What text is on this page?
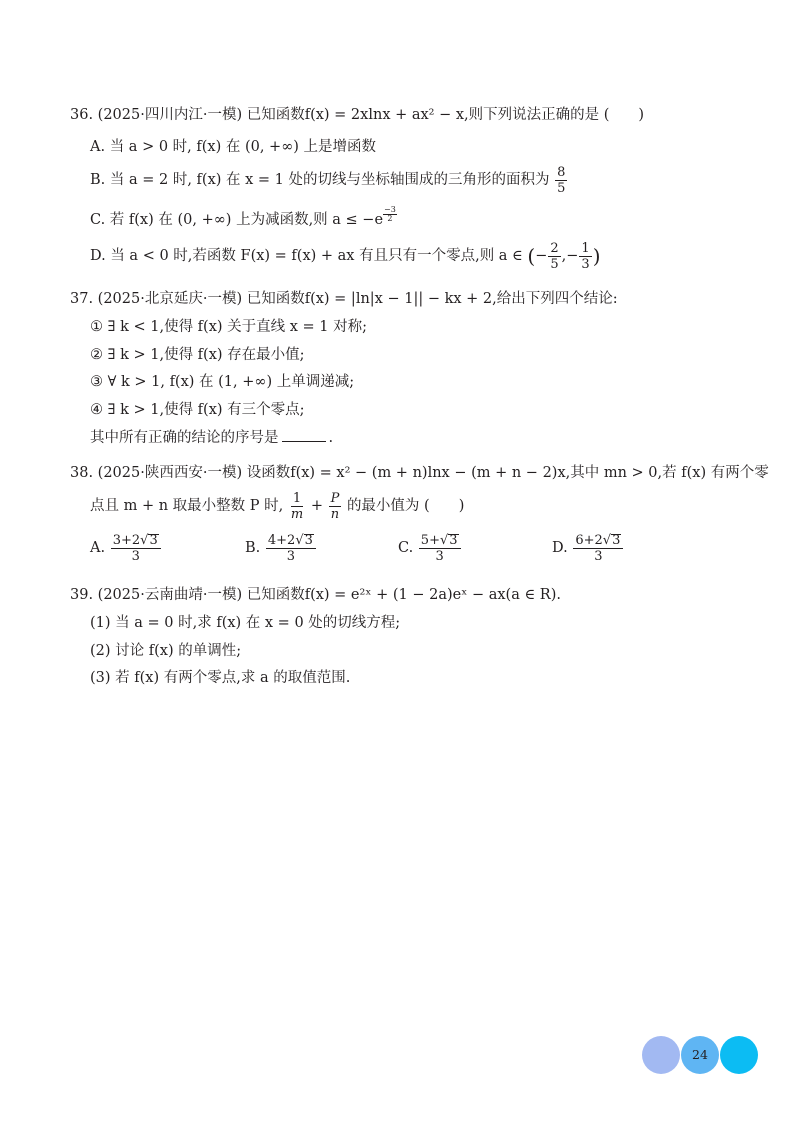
36. (2025·四川内江·一模) 已知函数f(x) = 2xlnx + ax² − x,则下列说法正确的是 (　　)
A. 当 a > 0 时, f(x) 在 (0, +∞) 上是增函数
B. 当 a = 2 时, f(x) 在 x = 1 处的切线与坐标轴围成的三角形的面积为 $\frac{8}{5}$
C. 若 f(x) 在 (0, +∞) 上为减函数,则 $a \le -e \frac{-3}{2}$
D. 当 a < 0 时,若函数 F(x) = f(x) + ax 有且只有一个零点,则 a ∈ (− $\frac{2}{5}$ ,− $\frac{1}{3}$ )
37. (2025·北京延庆·一模) 已知函数f(x) = |ln|x − 1|| − kx + 2,给出下列四个结论:
① ∃ k < 1,使得 f(x) 关于直线 x = 1 对称;
② ∃ k > 1,使得 f(x) 存在最小值;
③ ∀ k > 1, f(x) 在 (1, +∞) 上单调递减;
④ ∃ k > 1,使得 f(x) 有三个零点;
其中所有正确的结论的序号是	.
38. (2025·陕西西安·一模) 设函数f(x) = x² − (m + n)lnx − (m + n − 2)x,其中 mn > 0,若 f(x) 有两个零
点且 m + n 取最小整数 P 时, $\frac{1}{m} + \frac{P}{n}$ 的最小值为 (　　)
A. $\frac{3+2√3}{3}$	B. $\frac{4+2√3}{3}$	C. $\frac{5+√3}{3}$	D. $\frac{6+2√3}{3}$
39. (2025·云南曲靖·一模) 已知函数f(x) = e²ˣ + (1 − 2a)eˣ − ax(a ∈ R).
(1) 当 a = 0 时,求 f(x) 在 x = 0 处的切线方程;
(2) 讨论 f(x) 的单调性;
(3) 若 f(x) 有两个零点,求 a 的取值范围.
24
